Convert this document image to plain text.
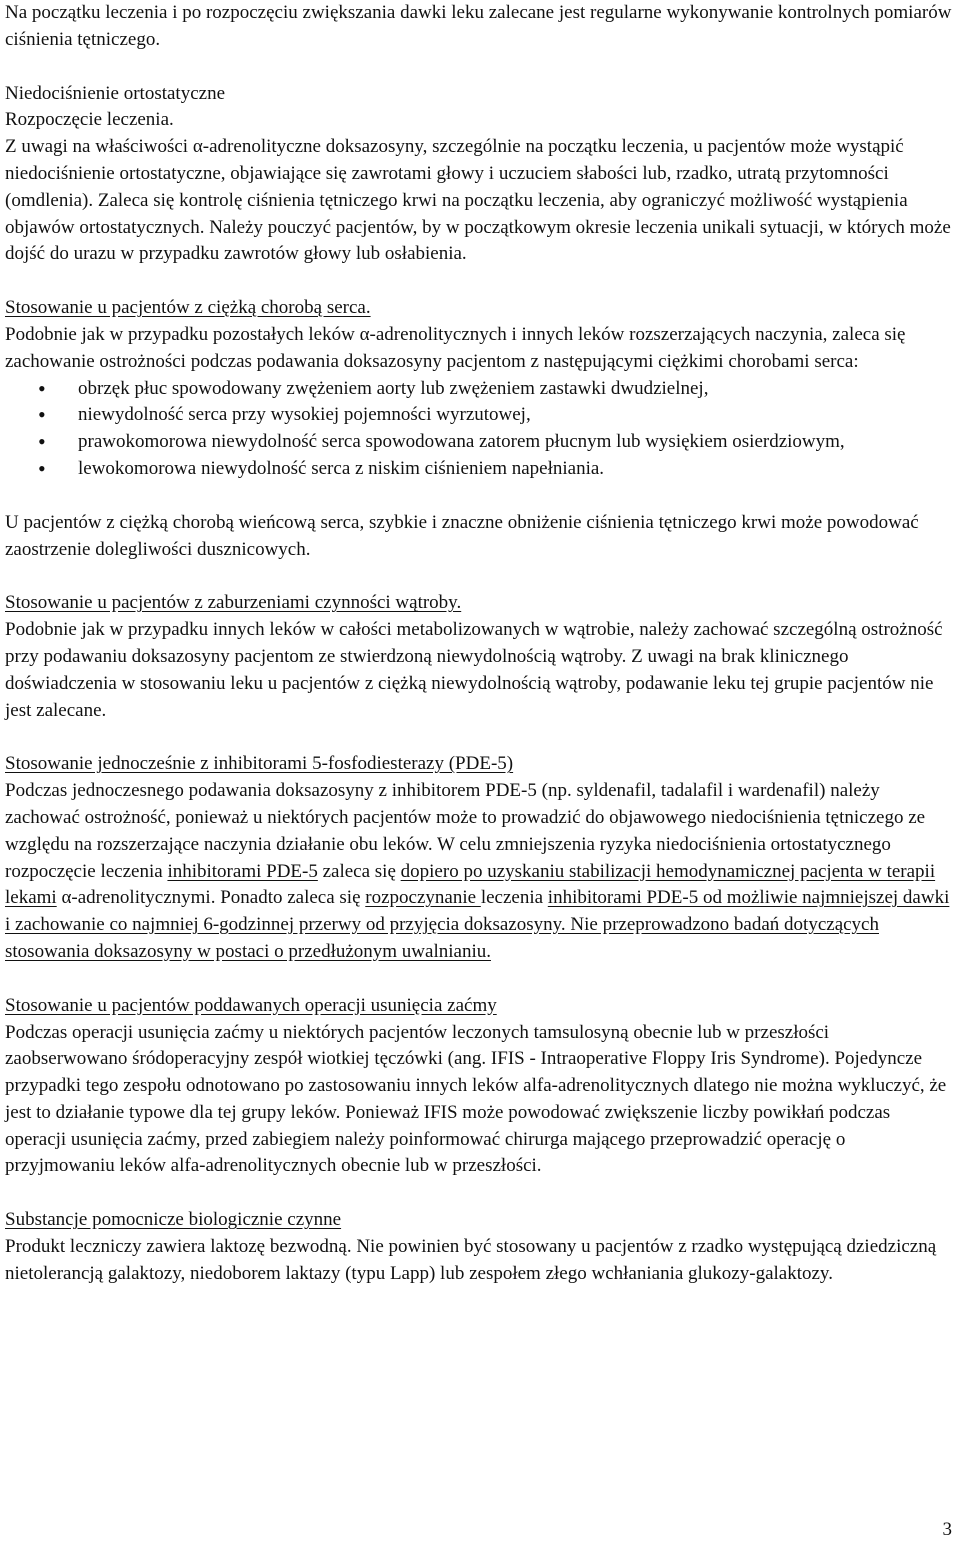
Na początku leczenia i po rozpoczęciu zwiększania dawki leku zalecane jest regularne wykonywanie kontrolnych pomiarów ciśnienia tętniczego.

Niedociśnienie ortostatyczne

Rozpoczęcie leczenia.

Z uwagi na właściwości α-adrenolityczne doksazosyny, szczególnie na początku leczenia, u pacjentów może wystąpić niedociśnienie ortostatyczne, objawiające się zawrotami głowy i uczuciem słabości lub, rzadko, utratą przytomności (omdlenia). Zaleca się kontrolę ciśnienia tętniczego krwi na początku leczenia, aby ograniczyć możliwość wystąpienia objawów ortostatycznych. Należy pouczyć pacjentów, by w początkowym okresie leczenia unikali sytuacji, w których może dojść do urazu w przypadku zawrotów głowy lub osłabienia.

Stosowanie u pacjentów z ciężką chorobą serca.

Podobnie jak w przypadku pozostałych leków α-adrenolitycznych i innych leków rozszerzających naczynia, zaleca się zachowanie ostrożności podczas podawania doksazosyny pacjentom z następującymi ciężkimi chorobami serca:

• obrzęk płuc spowodowany zwężeniem aorty lub zwężeniem zastawki dwudzielnej,
• niewydolność serca przy wysokiej pojemności wyrzutowej,
• prawokomorowa niewydolność serca spowodowana zatorem płucnym lub wysiękiem osierdziowym,
• lewokomorowa niewydolność serca z niskim ciśnieniem napełniania.

U pacjentów z ciężką chorobą wieńcową serca, szybkie i znaczne obniżenie ciśnienia tętniczego krwi może powodować zaostrzenie dolegliwości dusznicowych.

Stosowanie u pacjentów z zaburzeniami czynności wątroby.

Podobnie jak w przypadku innych leków w całości metabolizowanych w wątrobie, należy zachować szczególną ostrożność przy podawaniu doksazosyny pacjentom ze stwierdzoną niewydolnością wątroby. Z uwagi na brak klinicznego doświadczenia w stosowaniu leku u pacjentów z ciężką niewydolnością wątroby, podawanie leku tej grupie pacjentów nie jest zalecane.

Stosowanie jednocześnie z inhibitorami 5-fosfodiesterazy (PDE-5)

Podczas jednoczesnego podawania doksazosyny z inhibitorem PDE-5 (np. syldenafil, tadalafil i wardenafil) należy zachować ostrożność, ponieważ u niektórych pacjentów może to prowadzić do objawowego niedociśnienia tętniczego ze względu na rozszerzające naczynia działanie obu leków. W celu zmniejszenia ryzyka niedociśnienia ortostatycznego rozpoczęcie leczenia inhibitorami PDE-5 zaleca się dopiero po uzyskaniu stabilizacji hemodynamicznej pacjenta w terapii lekami α-adrenolitycznymi. Ponadto zaleca się rozpoczynanie leczenia inhibitorami PDE-5 od możliwie najmniejszej dawki i zachowanie co najmniej 6-godzinnej przerwy od przyjęcia doksazosyny. Nie przeprowadzono badań dotyczących stosowania doksazosyny w postaci o przedłużonym uwalnianiu.

Stosowanie u pacjentów poddawanych operacji usunięcia zaćmy

Podczas operacji usunięcia zaćmy u niektórych pacjentów leczonych tamsulosyną obecnie lub w przeszłości zaobserwowano śródoperacyjny zespół wiotkiej tęczówki (ang. IFIS - Intraoperative Floppy Iris Syndrome). Pojedyncze przypadki tego zespołu odnotowano po zastosowaniu innych leków alfa-adrenolitycznych dlatego nie można wykluczyć, że jest to działanie typowe dla tej grupy leków. Ponieważ IFIS może powodować zwiększenie liczby powikłań podczas operacji usunięcia zaćmy, przed zabiegiem należy poinformować chirurga mającego przeprowadzić operację o przyjmowaniu leków alfa-adrenolitycznych obecnie lub w przeszłości.

Substancje pomocnicze biologicznie czynne

Produkt leczniczy zawiera laktozę bezwodną. Nie powinien być stosowany u pacjentów z rzadko występującą dziedziczną nietolerancją galaktozy, niedoborem laktazy (typu Lapp) lub zespołem złego wchłaniania glukozy-galaktozy.

3
